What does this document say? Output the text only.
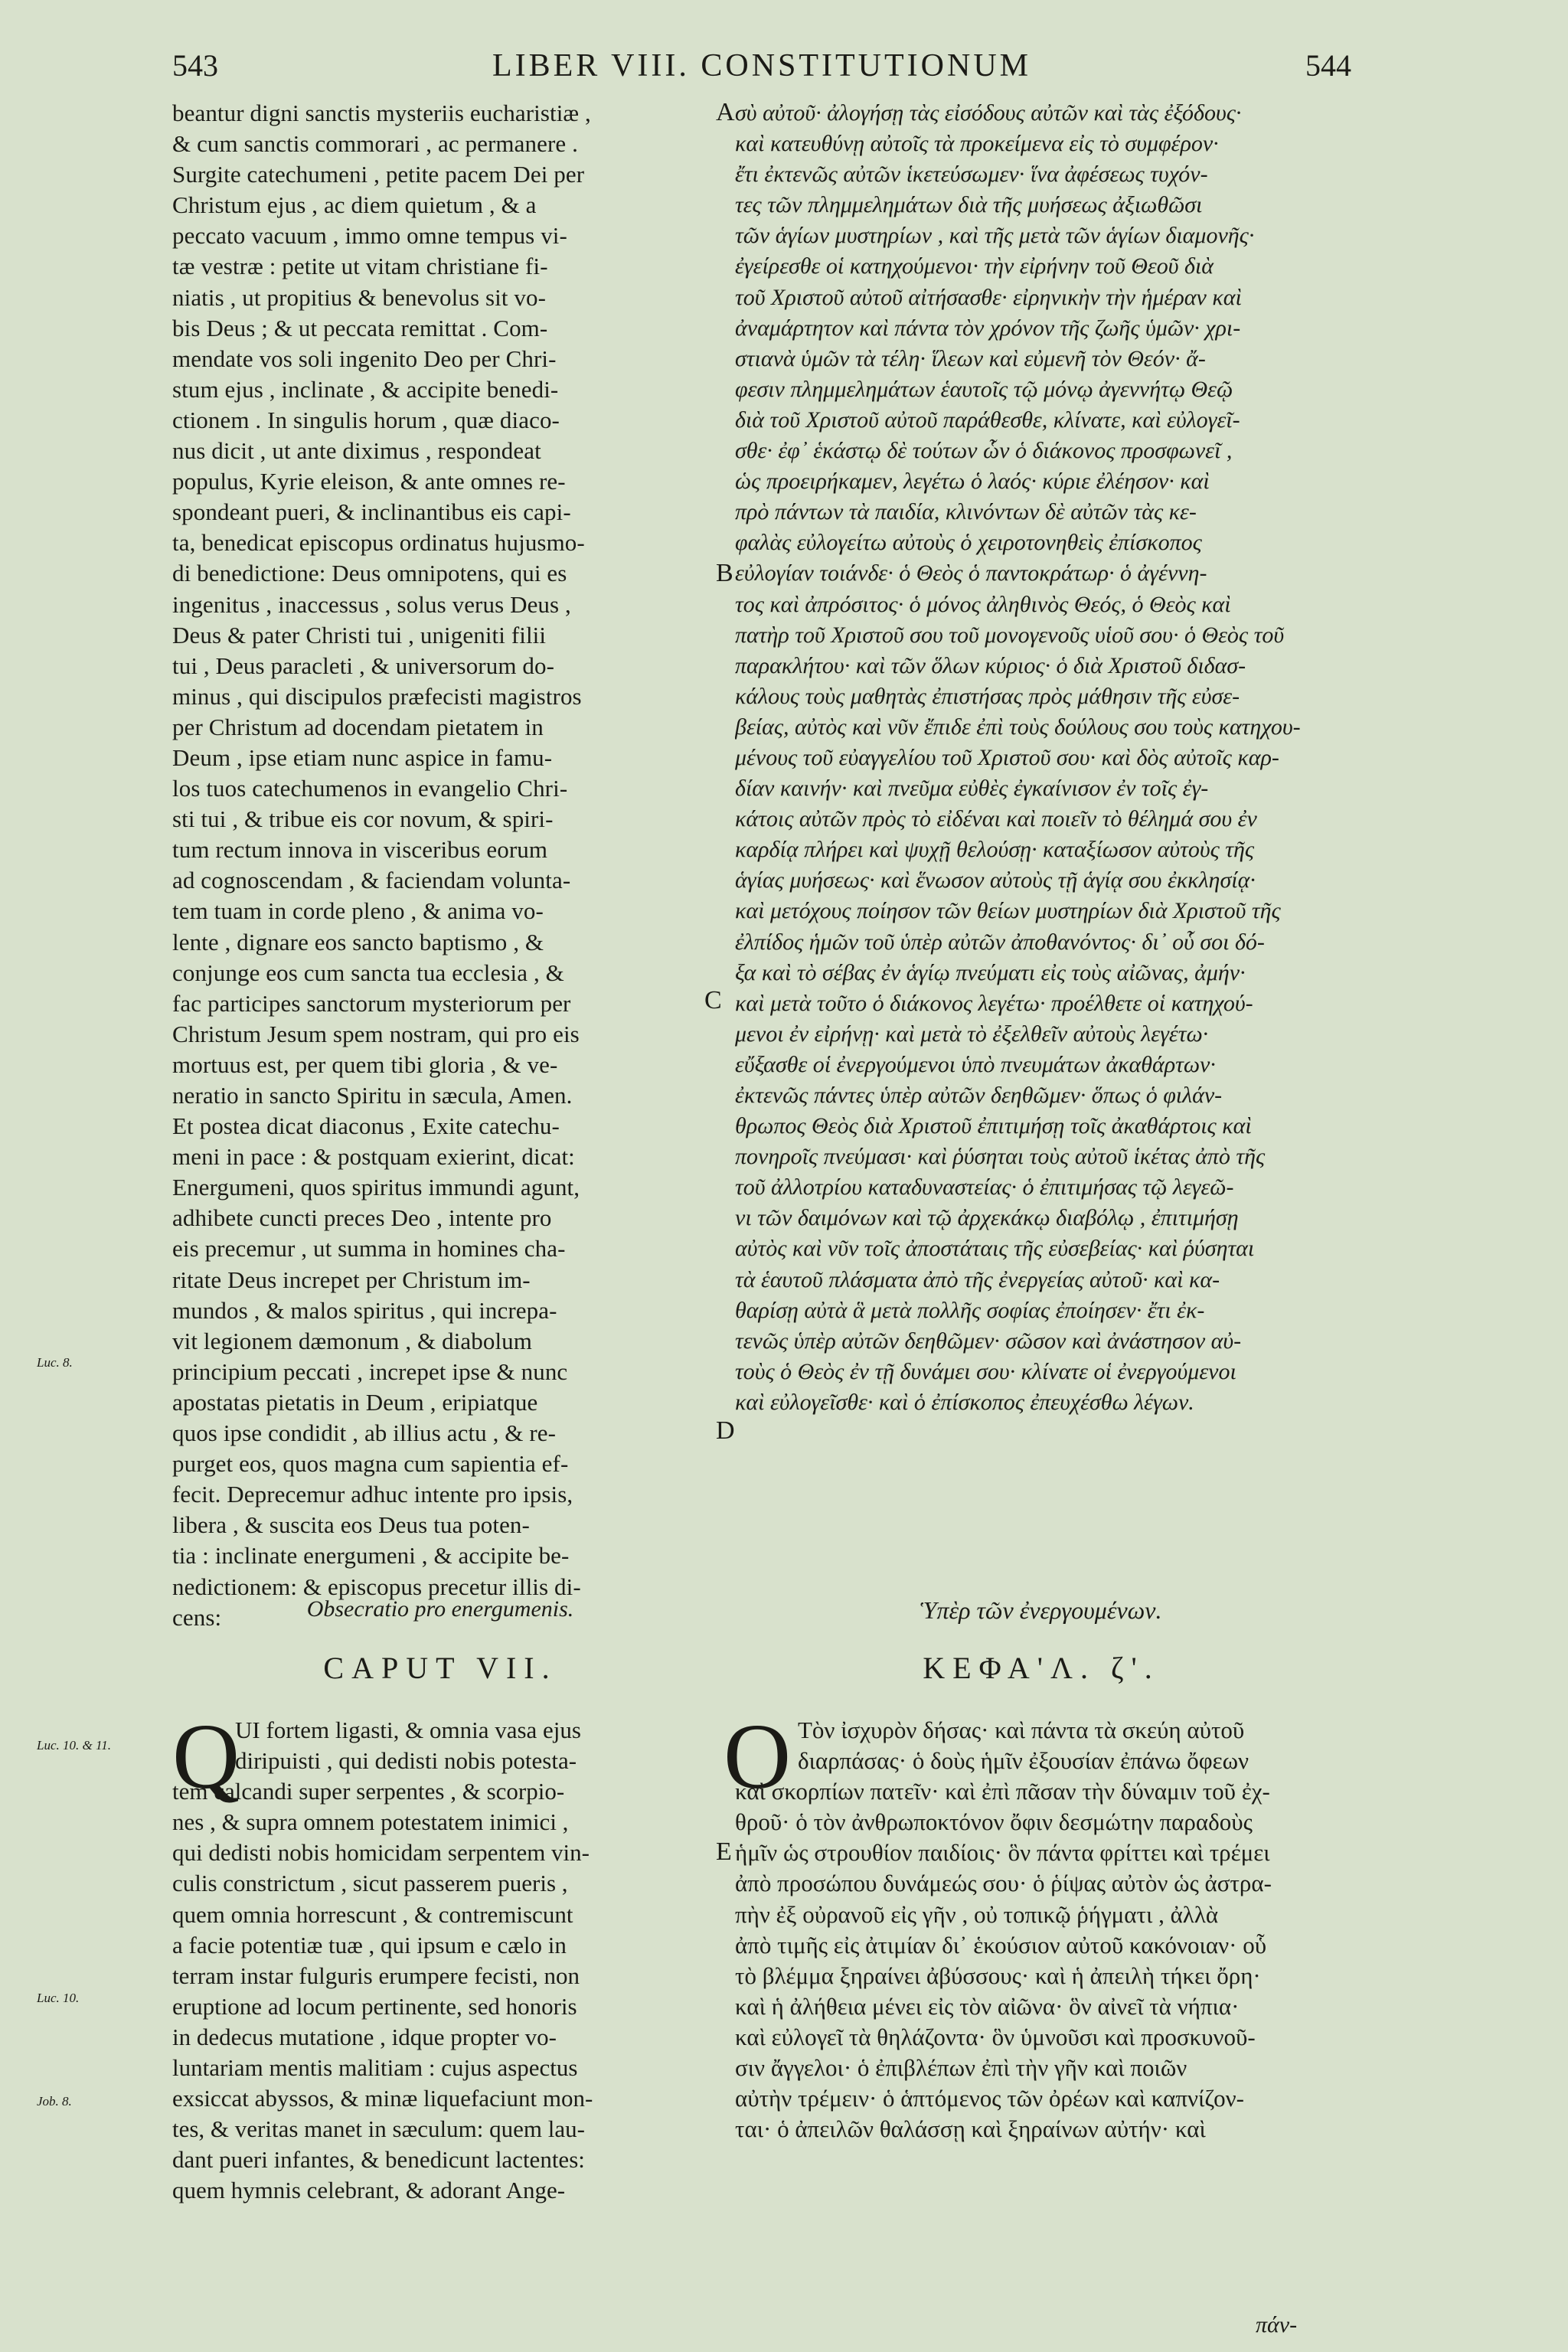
543	LIBER VIII. CONSTITUTIONUM	544
beantur digni sanctis mysteriis eucharistiæ ,
& cum sanctis commorari , ac permanere .
Surgite catechumeni , petite pacem Dei per
Christum ejus , ac diem quietum , & a
peccato vacuum , immo omne tempus vi-
tæ vestræ : petite ut vitam christiane fi-
niatis , ut propitius & benevolus sit vo-
bis Deus ; & ut peccata remittat . Com-
mendate vos soli ingenito Deo per Chri-
stum ejus , inclinate , & accipite benedi-
ctionem . In singulis horum , quæ diaco-
nus dicit , ut ante diximus , respondeat
populus, Kyrie eleison, & ante omnes re-
spondeant pueri, & inclinantibus eis capi-
ta, benedicat episcopus ordinatus hujusmo-
di benedictione: Deus omnipotens, qui es
ingenitus , inaccessus , solus verus Deus ,
Deus & pater Christi tui , unigeniti filii
tui , Deus paracleti , & universorum do-
minus , qui discipulos præfecisti magistros
per Christum ad docendam pietatem in
Deum , ipse etiam nunc aspice in famu-
los tuos catechumenos in evangelio Chri-
sti tui , & tribue eis cor novum, & spiri-
tum rectum innova in visceribus eorum
ad cognoscendam , & faciendam volunta-
tem tuam in corde pleno , & anima vo-
lente , dignare eos sancto baptismo , &
conjunge eos cum sancta tua ecclesia , &
fac participes sanctorum mysteriorum per
Christum Jesum spem nostram, qui pro eis
mortuus est, per quem tibi gloria , & ve-
neratio in sancto Spiritu in sæcula, Amen.
Et postea dicat diaconus , Exite catechu-
meni in pace : & postquam exierint, dicat:
Energumeni, quos spiritus immundi agunt,
adhibete cuncti preces Deo , intente pro
eis precemur , ut summa in homines cha-
ritate Deus increpet per Christum im-
mundos , & malos spiritus , qui increpa-
vit legionem dæmonum , & diabolum
principium peccati , increpet ipse & nunc
apostatas pietatis in Deum , eripiatque
quos ipse condidit , ab illius actu , & re-
purget eos, quos magna cum sapientia ef-
fecit. Deprecemur adhuc intente pro ipsis,
libera , & suscita eos Deus tua poten-
tia : inclinate energumeni , & accipite be-
nedictionem: & episcopus precetur illis di-
cens:
σὺ αὐτοῦ· ἀλογήσῃ τὰς εἰσόδους αὐτῶν καὶ τὰς ἐξόδους·
καὶ κατευθύνῃ αὐτοῖς τὰ προκείμενα εἰς τὸ συμφέρον·
ἔτι ἐκτενῶς αὐτῶν ἱκετεύσωμεν· ἵνα ἀφέσεως τυχόν-
τες τῶν πλημμελημάτων διὰ τῆς μυήσεως ἀξιωθῶσι
τῶν ἁγίων μυστηρίων , καὶ τῆς μετὰ τῶν ἁγίων διαμονῆς·
ἐγείρεσθε οἱ κατηχούμενοι· τὴν εἰρήνην τοῦ Θεοῦ διὰ
τοῦ Χριστοῦ αὐτοῦ αἰτήσασθε· εἰρηνικὴν τὴν ἡμέραν καὶ
ἀναμάρτητον καὶ πάντα τὸν χρόνον τῆς ζωῆς ὑμῶν· χρι-
στιανὰ ὑμῶν τὰ τέλη· ἵλεων καὶ εὐμενῆ τὸν Θεόν· ἄ-
φεσιν πλημμελημάτων ἑαυτοῖς τῷ μόνῳ ἀγεννήτῳ Θεῷ
διὰ τοῦ Χριστοῦ αὐτοῦ παράθεσθε, κλίνατε, καὶ εὐλογεῖ-
σθε· ἐφ᾽ ἑκάστῳ δὲ τούτων ὧν ὁ διάκονος προσφωνεῖ ,
ὡς προειρήκαμεν, λεγέτω ὁ λαός· κύριε ἐλέησον· καὶ
πρὸ πάντων τὰ παιδία, κλινόντων δὲ αὐτῶν τὰς κε-
φαλὰς εὐλογείτω αὐτοὺς ὁ χειροτονηθεὶς ἐπίσκοπος
εὐλογίαν τοιάνδε· ὁ Θεὸς ὁ παντοκράτωρ· ὁ ἀγέννη-
τος καὶ ἀπρόσιτος· ὁ μόνος ἀληθινὸς Θεός, ὁ Θεὸς καὶ
πατὴρ τοῦ Χριστοῦ σου τοῦ μονογενοῦς υἱοῦ σου· ὁ Θεὸς τοῦ
παρακλήτου· καὶ τῶν ὅλων κύριος· ὁ διὰ Χριστοῦ διδασ-
κάλους τοὺς μαθητὰς ἐπιστήσας πρὸς μάθησιν τῆς εὐσε-
βείας, αὐτὸς καὶ νῦν ἔπιδε ἐπὶ τοὺς δούλους σου τοὺς κατηχου-
μένους τοῦ εὐαγγελίου τοῦ Χριστοῦ σου· καὶ δὸς αὐτοῖς καρ-
δίαν καινήν· καὶ πνεῦμα εὐθὲς ἐγκαίνισον ἐν τοῖς ἐγ-
κάτοις αὐτῶν πρὸς τὸ εἰδέναι καὶ ποιεῖν τὸ θέλημά σου ἐν
καρδίᾳ πλήρει καὶ ψυχῇ θελούσῃ· καταξίωσον αὐτοὺς τῆς
ἁγίας μυήσεως· καὶ ἕνωσον αὐτοὺς τῇ ἁγίᾳ σου ἐκκλησίᾳ·
καὶ μετόχους ποίησον τῶν θείων μυστηρίων διὰ Χριστοῦ τῆς
ἐλπίδος ἡμῶν τοῦ ὑπὲρ αὐτῶν ἀποθανόντος· δι᾽ οὗ σοι δό-
ξα καὶ τὸ σέβας ἐν ἁγίῳ πνεύματι εἰς τοὺς αἰῶνας, ἀμήν·
καὶ μετὰ τοῦτο ὁ διάκονος λεγέτω· προέλθετε οἱ κατηχού-
μενοι ἐν εἰρήνῃ· καὶ μετὰ τὸ ἐξελθεῖν αὐτοὺς λεγέτω·
εὔξασθε οἱ ἐνεργούμενοι ὑπὸ πνευμάτων ἀκαθάρτων·
ἐκτενῶς πάντες ὑπὲρ αὐτῶν δεηθῶμεν· ὅπως ὁ φιλάν-
θρωπος Θεὸς διὰ Χριστοῦ ἐπιτιμήσῃ τοῖς ἀκαθάρτοις καὶ
πονηροῖς πνεύμασι· καὶ ῥύσηται τοὺς αὐτοῦ ἱκέτας ἀπὸ τῆς
τοῦ ἀλλοτρίου καταδυναστείας· ὁ ἐπιτιμήσας τῷ λεγεῶ-
νι τῶν δαιμόνων καὶ τῷ ἀρχεκάκῳ διαβόλῳ , ἐπιτιμήσῃ
αὐτὸς καὶ νῦν τοῖς ἀποστάταις τῆς εὐσεβείας· καὶ ῥύσηται
τὰ ἑαυτοῦ πλάσματα ἀπὸ τῆς ἐνεργείας αὐτοῦ· καὶ κα-
θαρίσῃ αὐτὰ ἃ μετὰ πολλῆς σοφίας ἐποίησεν· ἔτι ἐκ-
τενῶς ὑπὲρ αὐτῶν δεηθῶμεν· σῶσον καὶ ἀνάστησον αὐ-
τοὺς ὁ Θεὸς ἐν τῇ δυνάμει σου· κλίνατε οἱ ἐνεργούμενοι
καὶ εὐλογεῖσθε· καὶ ὁ ἐπίσκοπος ἐπευχέσθω λέγων.
Obsecratio pro energumenis.
CAPUT VII.
Ὑπὲρ τῶν ἐνεργουμένων.
ΚΕΦΑ'Λ. ζ'.
Q	Ο
UI fortem ligasti, & omnia vasa ejus
diripuisti , qui dedisti nobis potesta-
tem calcandi super serpentes , & scorpio-
nes , & supra omnem potestatem inimici ,
qui dedisti nobis homicidam serpentem vin-
culis constrictum , sicut passerem pueris ,
quem omnia horrescunt , & contremiscunt
a facie potentiæ tuæ , qui ipsum e cælo in
terram instar fulguris erumpere fecisti, non
eruptione ad locum pertinente, sed honoris
in dedecus mutatione , idque propter vo-
luntariam mentis malitiam : cujus aspectus
exsiccat abyssos, & minæ liquefaciunt mon-
tes, & veritas manet in sæculum: quem lau-
dant pueri infantes, & benedicunt lactentes:
quem hymnis celebrant, & adorant Ange-
Τὸν ἰσχυρὸν δήσας· καὶ πάντα τὰ σκεύη αὐτοῦ
διαρπάσας· ὁ δοὺς ἡμῖν ἐξουσίαν ἐπάνω ὄφεων
καὶ σκορπίων πατεῖν· καὶ ἐπὶ πᾶσαν τὴν δύναμιν τοῦ ἐχ-
θροῦ· ὁ τὸν ἀνθρωποκτόνον ὄφιν δεσμώτην παραδοὺς
ἡμῖν ὡς στρουθίον παιδίοις· ὃν πάντα φρίττει καὶ τρέμει
ἀπὸ προσώπου δυνάμεώς σου· ὁ ῥίψας αὐτὸν ὡς ἀστρα-
πὴν ἐξ οὐρανοῦ εἰς γῆν , οὐ τοπικῷ ῥήγματι , ἀλλὰ
ἀπὸ τιμῆς εἰς ἀτιμίαν δι᾽ ἑκούσιον αὐτοῦ κακόνοιαν· οὗ
τὸ βλέμμα ξηραίνει ἀβύσσους· καὶ ἡ ἀπειλὴ τήκει ὄρη·
καὶ ἡ ἀλήθεια μένει εἰς τὸν αἰῶνα· ὃν αἰνεῖ τὰ νήπια·
καὶ εὐλογεῖ τὰ θηλάζοντα· ὃν ὑμνοῦσι καὶ προσκυνοῦ-
σιν ἄγγελοι· ὁ ἐπιβλέπων ἐπὶ τὴν γῆν καὶ ποιῶν
αὐτὴν τρέμειν· ὁ ἁπτόμενος τῶν ὀρέων καὶ καπνίζον-
ται· ὁ ἀπειλῶν θαλάσσῃ καὶ ξηραίνων αὐτήν· καὶ
πάν-
A
B
C
D
E
Luc. 8.
Luc. 10. & 11.
Luc. 10.
Job. 8.
